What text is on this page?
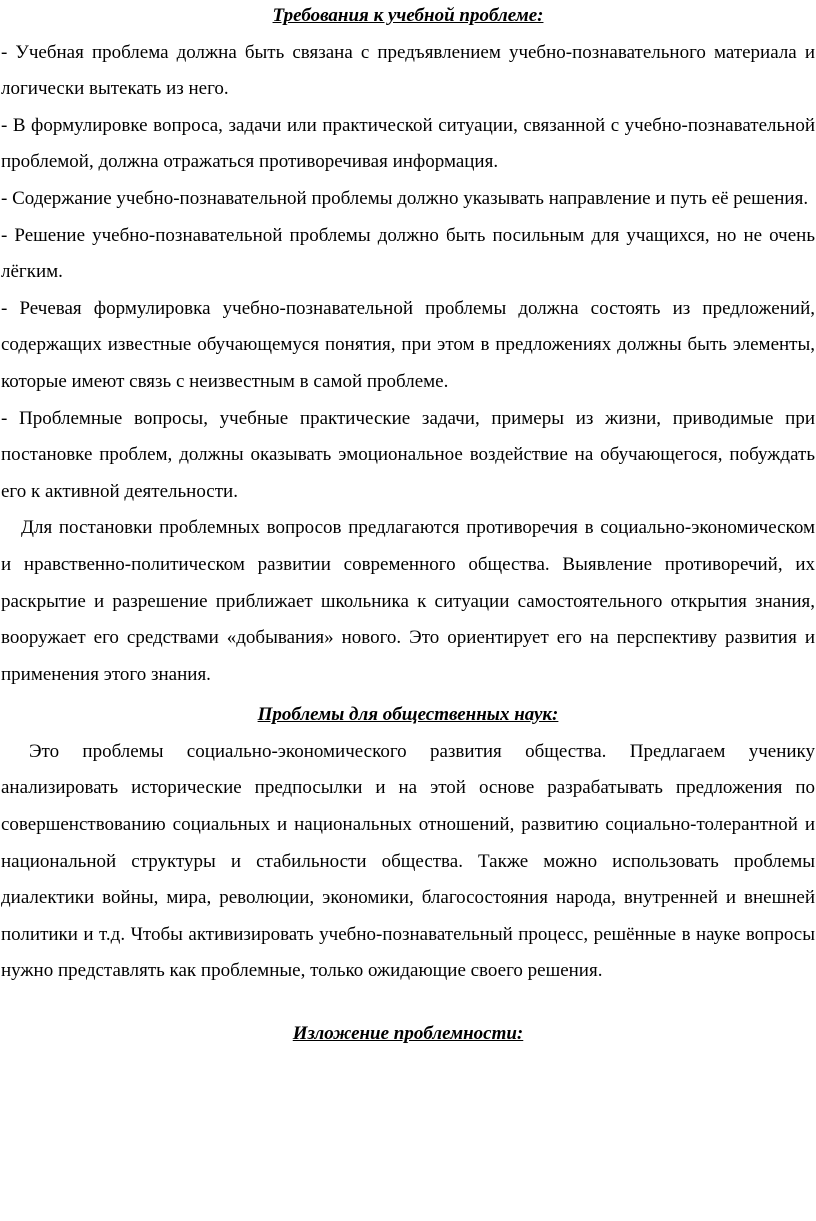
Требования к учебной проблеме:

- Учебная проблема должна быть связана с предъявлением учебно-познавательного материала и логически вытекать из него.

- В формулировке вопроса, задачи или практической ситуации, связанной с учебно-познавательной проблемой, должна отражаться противоречивая информация.

- Содержание учебно-познавательной проблемы должно указывать направление и путь её решения.

- Решение учебно-познавательной проблемы должно быть посильным для учащихся, но не очень лёгким.

- Речевая формулировка учебно-познавательной проблемы должна состоять из предложений, содержащих известные обучающемуся понятия, при этом в предложениях должны быть элементы, которые имеют связь с неизвестным в самой проблеме.

- Проблемные вопросы, учебные практические задачи, примеры из жизни, приводимые при постановке проблем, должны оказывать эмоциональное воздействие на обучающегося, побуждать его к активной деятельности.

Для постановки проблемных вопросов предлагаются противоречия в социально-экономическом и нравственно-политическом развитии современного общества. Выявление противоречий, их раскрытие и разрешение приближает школьника к ситуации самостоятельного открытия знания, вооружает его средствами «добывания» нового. Это ориентирует его на перспективу развития и применения этого знания.

Проблемы для общественных наук:

Это проблемы социально-экономического развития общества. Предлагаем ученику анализировать исторические предпосылки и на этой основе разрабатывать предложения по совершенствованию социальных и национальных отношений, развитию социально-толерантной и национальной структуры и стабильности общества. Также можно использовать проблемы диалектики войны, мира, революции, экономики, благосостояния народа, внутренней и внешней политики и т.д. Чтобы активизировать учебно-познавательный процесс, решённые в науке вопросы нужно представлять как проблемные, только ожидающие своего решения.

Изложение проблемности:
